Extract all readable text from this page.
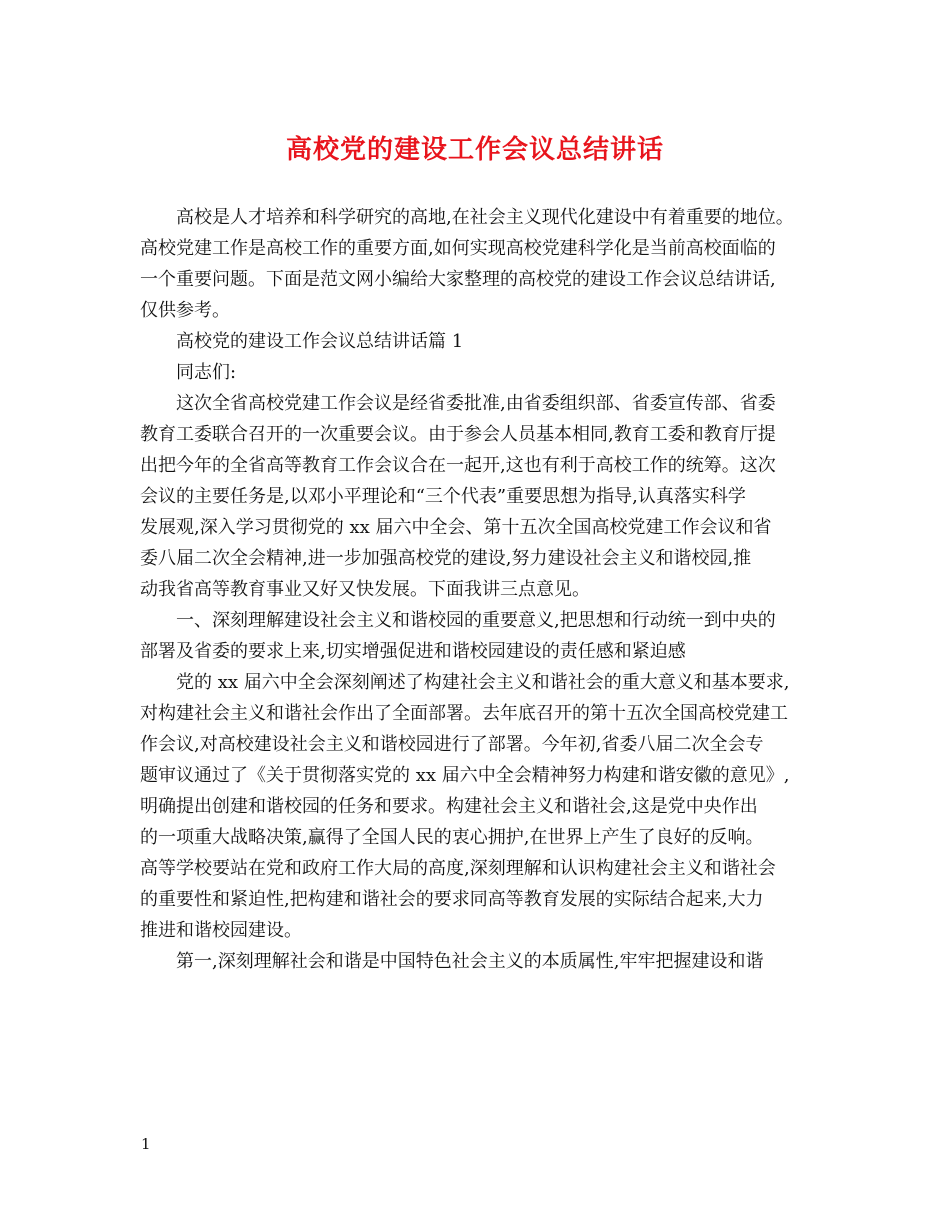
高校党的建设工作会议总结讲话
高校是人才培养和科学研究的高地,在社会主义现代化建设中有着重要的地位。
高校党建工作是高校工作的重要方面,如何实现高校党建科学化是当前高校面临的
一个重要问题。下面是范文网小编给大家整理的高校党的建设工作会议总结讲话,
仅供参考。
高校党的建设工作会议总结讲话篇 1
同志们:
这次全省高校党建工作会议是经省委批准,由省委组织部、省委宣传部、省委
教育工委联合召开的一次重要会议。由于参会人员基本相同,教育工委和教育厅提
出把今年的全省高等教育工作会议合在一起开,这也有利于高校工作的统筹。这次
会议的主要任务是,以邓小平理论和“三个代表”重要思想为指导,认真落实科学
发展观,深入学习贯彻党的 xx 届六中全会、第十五次全国高校党建工作会议和省
委八届二次全会精神,进一步加强高校党的建设,努力建设社会主义和谐校园,推
动我省高等教育事业又好又快发展。下面我讲三点意见。
一、深刻理解建设社会主义和谐校园的重要意义,把思想和行动统一到中央的
部署及省委的要求上来,切实增强促进和谐校园建设的责任感和紧迫感
党的 xx 届六中全会深刻阐述了构建社会主义和谐社会的重大意义和基本要求,
对构建社会主义和谐社会作出了全面部署。去年底召开的第十五次全国高校党建工
作会议,对高校建设社会主义和谐校园进行了部署。今年初,省委八届二次全会专
题审议通过了《关于贯彻落实党的 xx 届六中全会精神努力构建和谐安徽的意见》,
明确提出创建和谐校园的任务和要求。构建社会主义和谐社会,这是党中央作出
的一项重大战略决策,赢得了全国人民的衷心拥护,在世界上产生了良好的反响。
高等学校要站在党和政府工作大局的高度,深刻理解和认识构建社会主义和谐社会
的重要性和紧迫性,把构建和谐社会的要求同高等教育发展的实际结合起来,大力
推进和谐校园建设。
第一,深刻理解社会和谐是中国特色社会主义的本质属性,牢牢把握建设和谐
1
